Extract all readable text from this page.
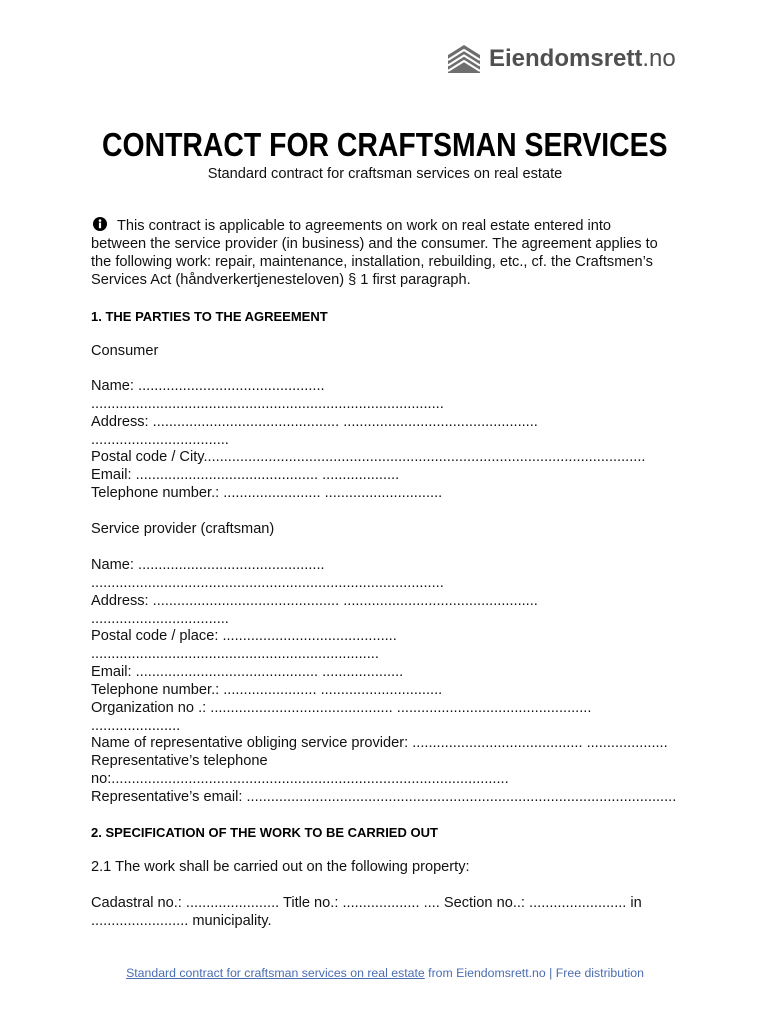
Eiendomsrett.no
CONTRACT FOR CRAFTSMAN SERVICES
Standard contract for craftsman services on real estate
This contract is applicable to agreements on work on real estate entered into
between the service provider (in business) and the consumer. The agreement applies to
the following work: repair, maintenance, installation, rebuilding, etc., cf. the Craftsmen’s
Services Act (håndverkertjenesteloven) § 1 first paragraph.
1. THE PARTIES TO THE AGREEMENT
Consumer
Name: ..............................................
.......................................................................................
Address: .............................................. ................................................
..................................
Postal code / City.............................................................................................................
Email: ............................................. ...................
Telephone number.: ........................ .............................
Service provider (craftsman)
Name: ..............................................
.......................................................................................
Address: .............................................. ................................................
..................................
Postal code / place: ...........................................
.......................................................................
Email: ............................................. ....................
Telephone number.: ....................... ..............................
Organization no .: ............................................. ................................................
......................
Name of representative obliging service provider: .......................................... ....................
Representative’s telephone
no:..................................................................................................
Representative’s email: ..........................................................................................................
2. SPECIFICATION OF THE WORK TO BE CARRIED OUT
2.1 The work shall be carried out on the following property:
Cadastral no.: ....................... Title no.: ................... .... Section no..: ........................ in
........................ municipality.
Standard contract for craftsman services on real estate from Eiendomsrett.no | Free distribution
